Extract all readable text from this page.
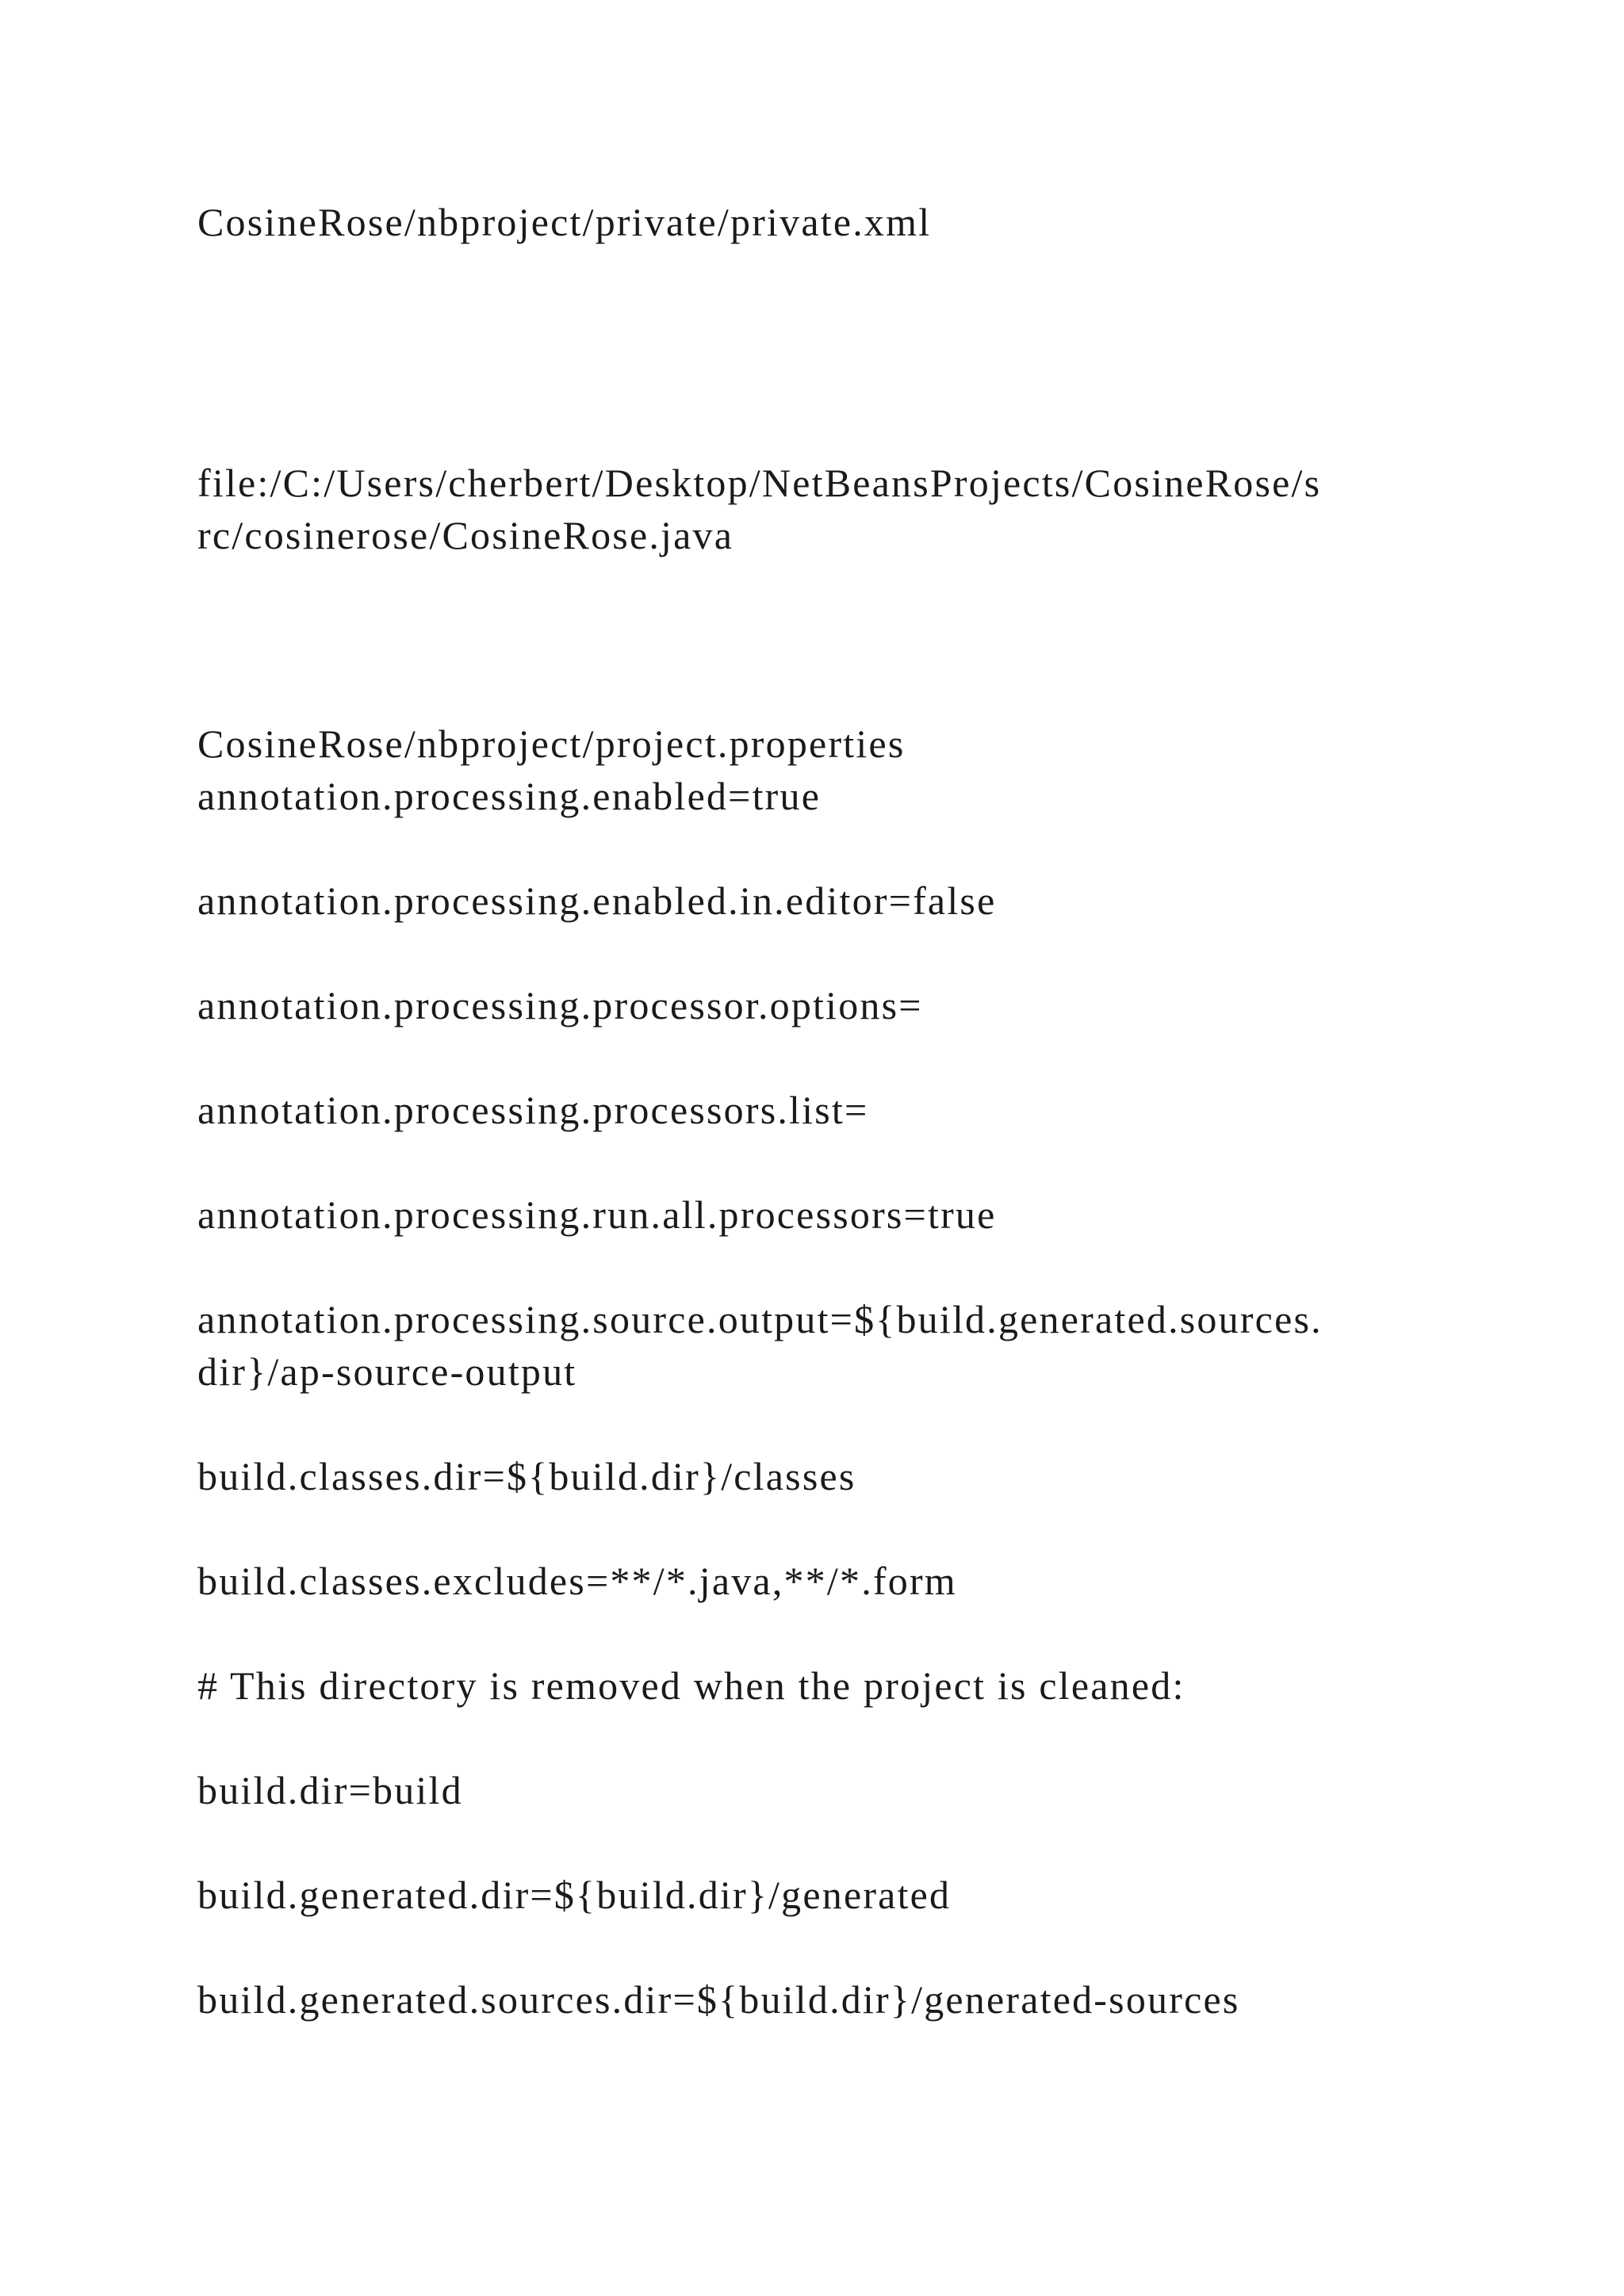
CosineRose/nbproject/private/private.xml

file:/C:/Users/cherbert/Desktop/NetBeansProjects/CosineRose/s

rc/cosinerose/CosineRose.java

CosineRose/nbproject/project.properties

annotation.processing.enabled=true

annotation.processing.enabled.in.editor=false

annotation.processing.processor.options=

annotation.processing.processors.list=

annotation.processing.run.all.processors=true

annotation.processing.source.output=${build.generated.sources.

dir}/ap-source-output

build.classes.dir=${build.dir}/classes

build.classes.excludes=**/*.java,**/*.form

# This directory is removed when the project is cleaned:

build.dir=build

build.generated.dir=${build.dir}/generated

build.generated.sources.dir=${build.dir}/generated-sources
